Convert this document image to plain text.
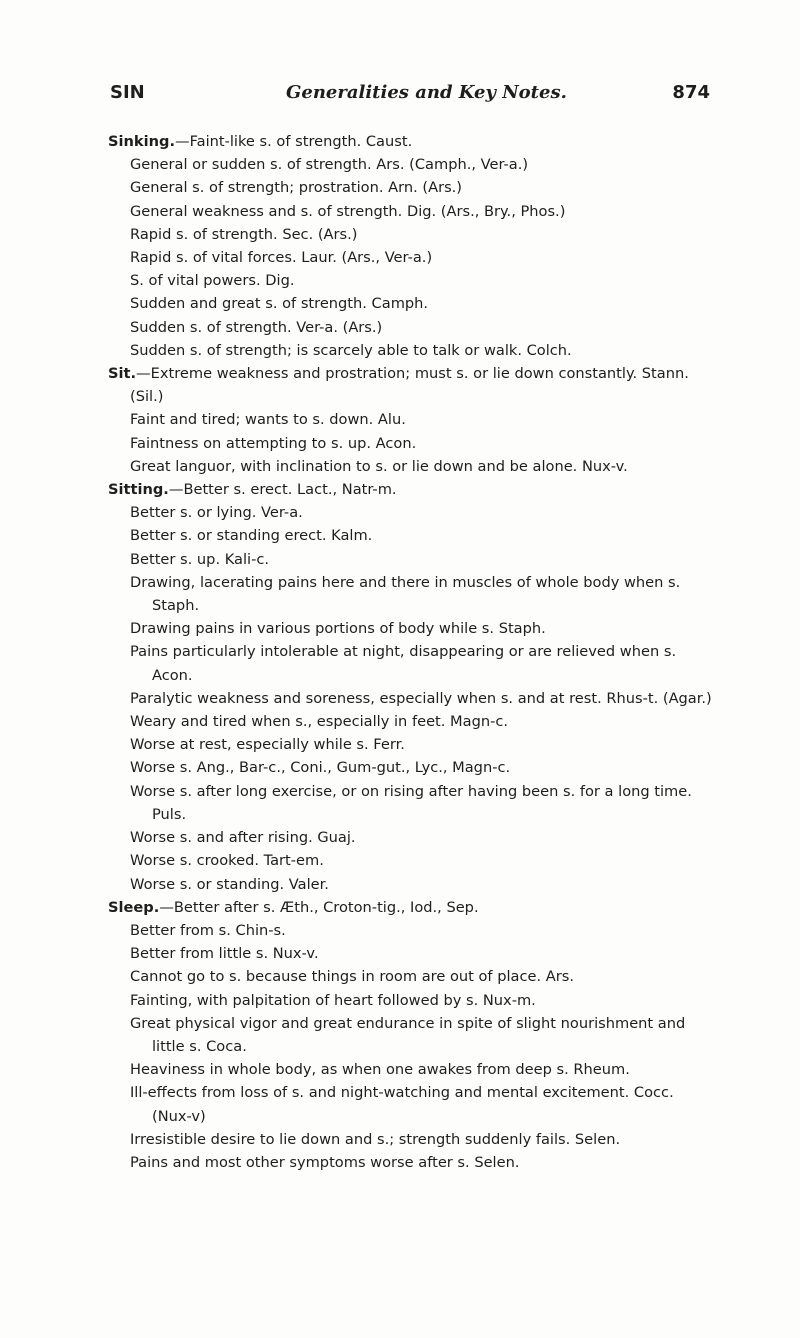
SIN	Generalities and Key Notes.	874
Sinking.—Faint-like s. of strength. Caust.
General or sudden s. of strength. Ars. (Camph., Ver-a.)
General s. of strength; prostration. Arn. (Ars.)
General weakness and s. of strength. Dig. (Ars., Bry., Phos.)
Rapid s. of strength. Sec. (Ars.)
Rapid s. of vital forces. Laur. (Ars., Ver-a.)
S. of vital powers. Dig.
Sudden and great s. of strength. Camph.
Sudden s. of strength. Ver-a. (Ars.)
Sudden s. of strength; is scarcely able to talk or walk. Colch.
Sit.—Extreme weakness and prostration; must s. or lie down constantly. Stann. (Sil.)
Faint and tired; wants to s. down. Alu.
Faintness on attempting to s. up. Acon.
Great languor, with inclination to s. or lie down and be alone. Nux-v.
Sitting.—Better s. erect. Lact., Natr-m.
Better s. or lying. Ver-a.
Better s. or standing erect. Kalm.
Better s. up. Kali-c.
Drawing, lacerating pains here and there in muscles of whole body when s. Staph.
Drawing pains in various portions of body while s. Staph.
Pains particularly intolerable at night, disappearing or are relieved when s. Acon.
Paralytic weakness and soreness, especially when s. and at rest. Rhus-t. (Agar.)
Weary and tired when s., especially in feet. Magn-c.
Worse at rest, especially while s. Ferr.
Worse s. Ang., Bar-c., Coni., Gum-gut., Lyc., Magn-c.
Worse s. after long exercise, or on rising after having been s. for a long time. Puls.
Worse s. and after rising. Guaj.
Worse s. crooked. Tart-em.
Worse s. or standing. Valer.
Sleep.—Better after s. Æth., Croton-tig., Iod., Sep.
Better from s. Chin-s.
Better from little s. Nux-v.
Cannot go to s. because things in room are out of place. Ars.
Fainting, with palpitation of heart followed by s. Nux-m.
Great physical vigor and great endurance in spite of slight nourishment and little s. Coca.
Heaviness in whole body, as when one awakes from deep s. Rheum.
Ill-effects from loss of s. and night-watching and mental excitement. Cocc. (Nux-v)
Irresistible desire to lie down and s.; strength suddenly fails. Selen.
Pains and most other symptoms worse after s. Selen.
